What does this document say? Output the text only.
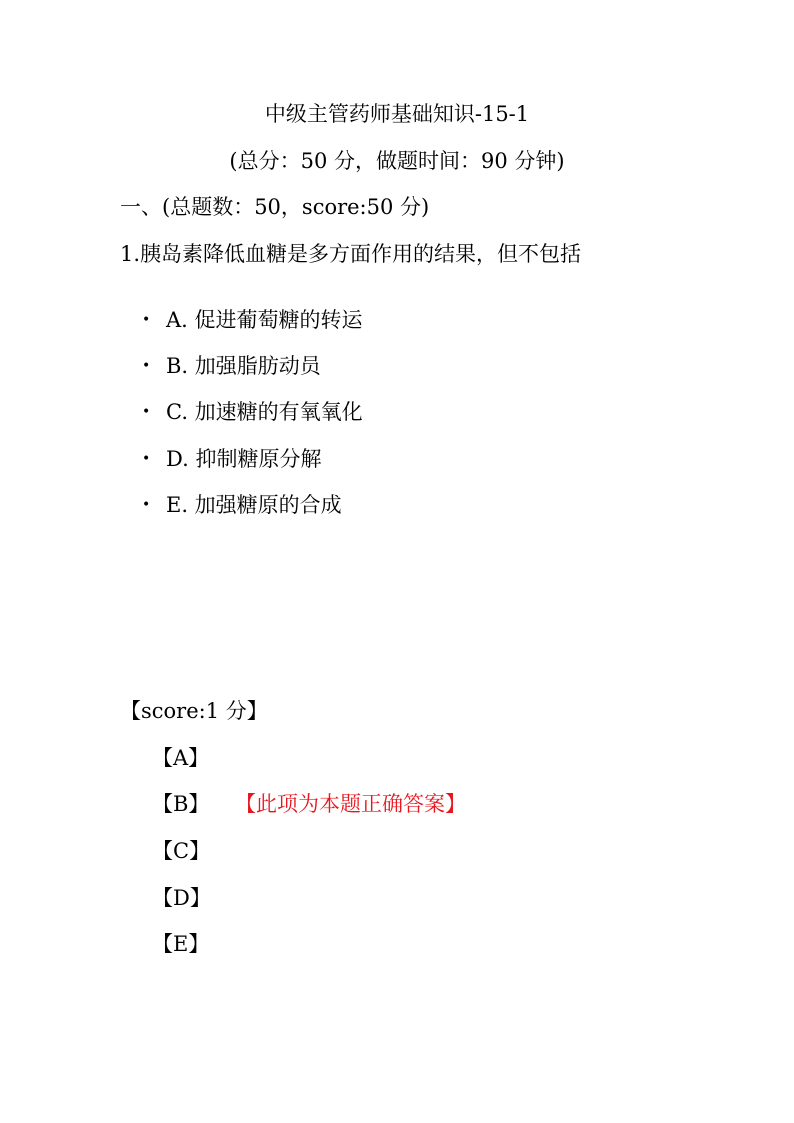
中级主管药师基础知识-15-1
(总分：50 分，做题时间：90 分钟)
一、(总题数：50，score:50 分)
1.胰岛素降低血糖是多方面作用的结果，但不包括
• A. 促进葡萄糖的转运
• B. 加强脂肪动员
• C. 加速糖的有氧氧化
• D. 抑制糖原分解
• E. 加强糖原的合成
【score:1 分】
【A】
【B】 【此项为本题正确答案】
【C】
【D】
【E】
